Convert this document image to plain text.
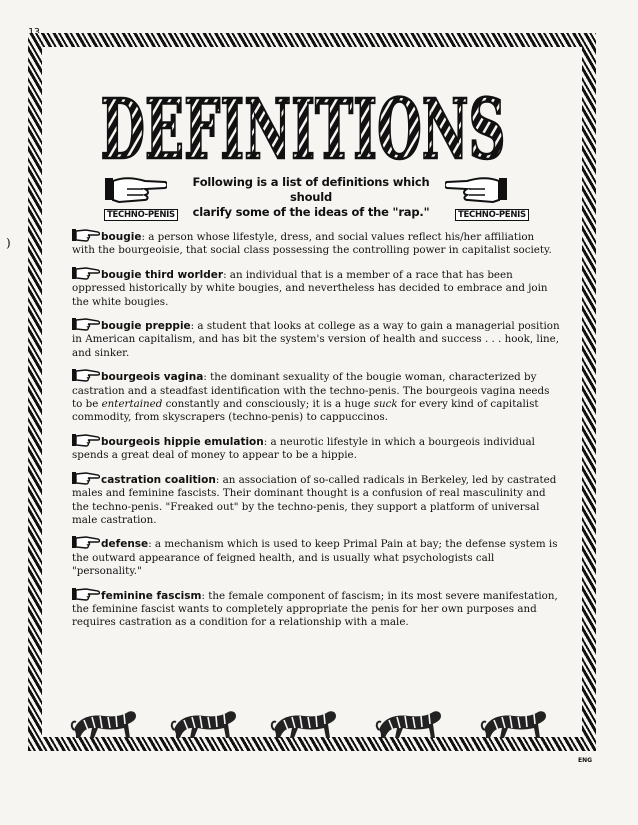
13
)
DEFINITIONS
Following is a list of definitions which should
clarify some of the ideas of the "rap."
TECHNO-PENIS	TECHNO-PENIS

bougie: a person whose lifestyle, dress, and social values reflect his/her affiliation with the bourgeoisie, that social class possessing the controlling power in capitalist society.

bougie third worlder: an individual that is a member of a race that has been oppressed historically by white bougies, and nevertheless has decided to embrace and join the white bougies.

bougie preppie: a student that looks at college as a way to gain a managerial position in American capitalism, and has bit the system's version of health and success . . . hook, line, and sinker.

bourgeois vagina: the dominant sexuality of the bougie woman, characterized by castration and a steadfast identification with the techno-penis. The bourgeois vagina needs to be entertained constantly and consciously; it is a huge suck for every kind of capitalist commodity, from skyscrapers (techno-penis) to cappuccinos.

bourgeois hippie emulation: a neurotic lifestyle in which a bourgeois individual spends a great deal of money to appear to be a hippie.

castration coalition: an association of so-called radicals in Berkeley, led by castrated males and feminine fascists. Their dominant thought is a confusion of real masculinity and the techno-penis. "Freaked out" by the techno-penis, they support a platform of universal male castration.

defense: a mechanism which is used to keep Primal Pain at bay; the defense system is the outward appearance of feigned health, and is usually what psychologists call "personality."

feminine fascism: the female component of fascism; in its most severe manifestation, the feminine fascist wants to completely appropriate the penis for her own purposes and requires castration as a condition for a relationship with a male.

ENG
